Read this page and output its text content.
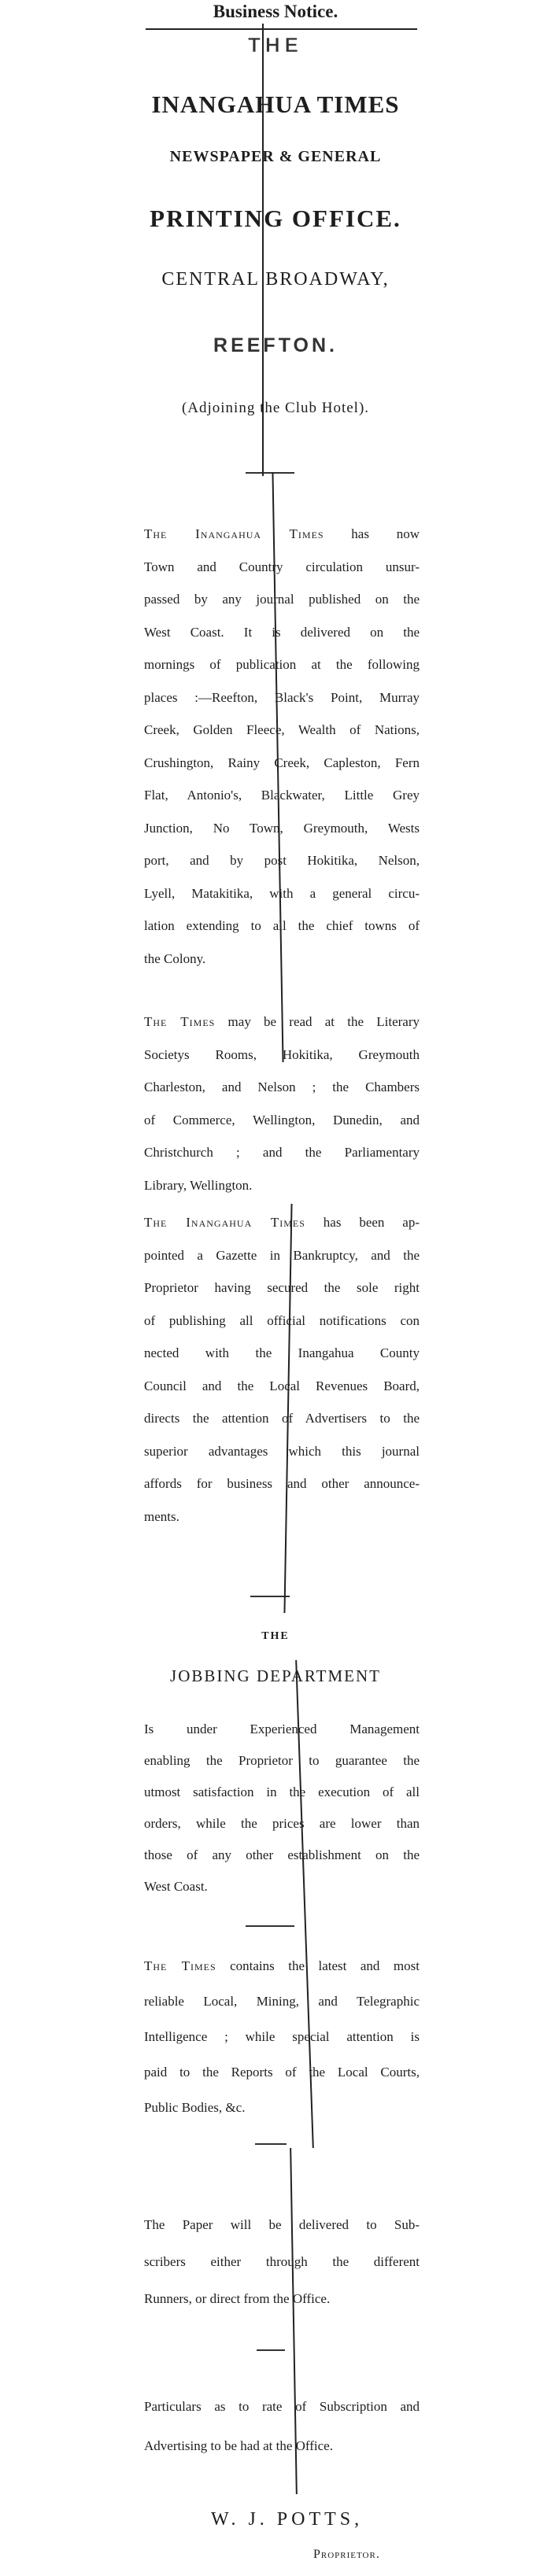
Business Notice.
THE
INANGAHUA TIMES
NEWSPAPER & GENERAL
PRINTING OFFICE.
CENTRAL BROADWAY,
REEFTON.
(Adjoining the Club Hotel).
The Inangahua Times has now
Town and Country circulation unsur-
passed by any journal published on the
West Coast. It is delivered on the
mornings of publication at the following
places :—Reefton, Black's Point, Murray
Creek, Golden Fleece, Wealth of Nations,
Crushington, Rainy Creek, Capleston, Fern
Flat, Antonio's, Blackwater, Little Grey
Junction, No Town, Greymouth, Wests
port, and by post Hokitika, Nelson,
Lyell, Matakitika, with a general circu-
lation extending to all the chief towns of
the Colony.
The Times may be read at the Literary
Societys Rooms, Hokitika, Greymouth
Charleston, and Nelson ; the Chambers
of Commerce, Wellington, Dunedin, and
Christchurch ; and the Parliamentary
Library, Wellington.
The Inangahua Times has been ap-
pointed a Gazette in Bankruptcy, and the
Proprietor having secured the sole right
of publishing all official notifications con
nected with the Inangahua County
Council and the Local Revenues Board,
directs the attention of Advertisers to the
superior advantages which this journal
affords for business and other announce-
ments.
THE
JOBBING DEPARTMENT
Is under Experienced Management
enabling the Proprietor to guarantee the
utmost satisfaction in the execution of all
orders, while the prices are lower than
those of any other establishment on the
West Coast.
The Times contains the latest and most
reliable Local, Mining, and Telegraphic
Intelligence ; while special attention is
paid to the Reports of the Local Courts,
Public Bodies, &c.
The Paper will be delivered to Sub-
scribers either through the different
Runners, or direct from the Office.
Particulars as to rate of Subscription and
Advertising to be had at the Office.
W. J. POTTS,
Proprietor.
